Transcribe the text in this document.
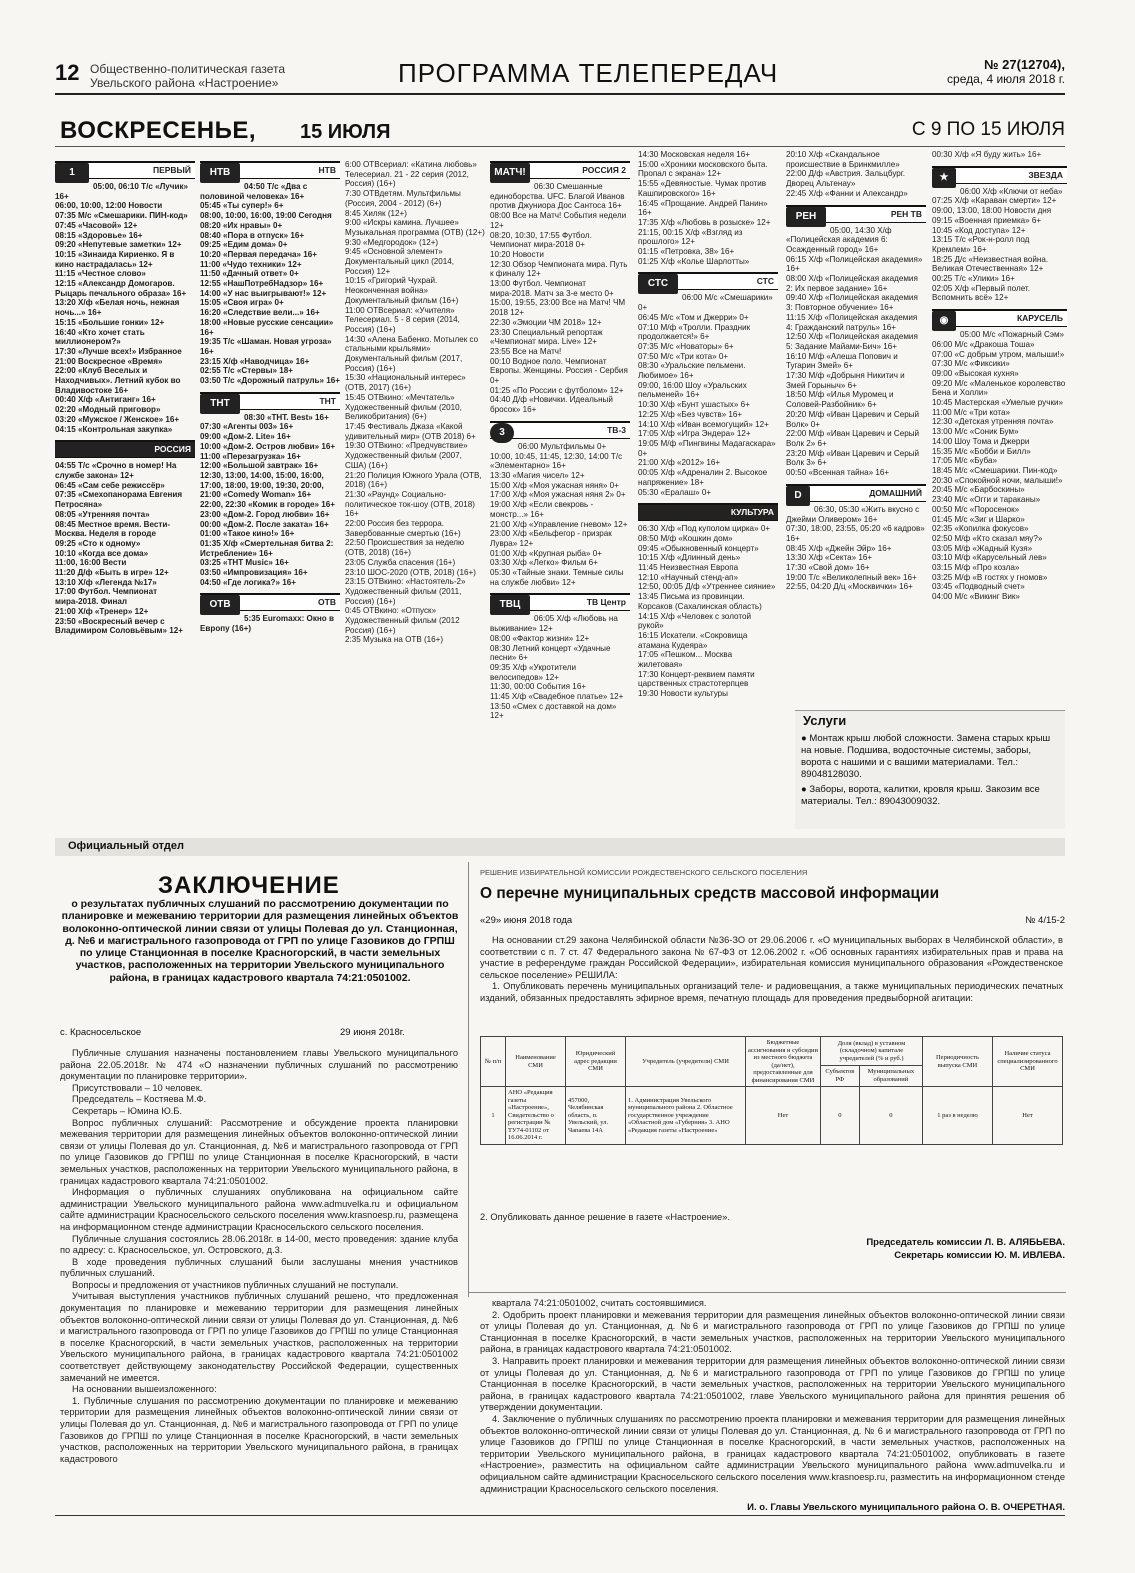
12 Общественно-политическая газета
Увельского района «Настроение»	ПРОГРАММА ТЕЛЕПЕРЕДАЧ	№ 27(12704),
среда, 4 июля 2018 г.
ВОСКРЕСЕНЬЕ, 15 ИЮЛЯ	С 9 ПО 15 ИЮЛЯ
1	ПЕРВЫЙ
05:00, 06:10 Т/с «Лучик» 16+
06:00, 10:00, 12:00 Новости
07:35 М/с «Смешарики. ПИН-код»
07:45 «Часовой» 12+
08:15 «Здоровье» 16+
09:20 «Непутевые заметки» 12+
10:15 «Зинаида Кириенко. Я в кино настрадалась» 12+
11:15 «Честное слово»
12:15 «Александр Домогаров. Рыцарь печального образа» 16+
13:20 Х/ф «Белая ночь, нежная ночь...» 16+
15:15 «Большие гонки» 12+
16:40 «Кто хочет стать миллионером?»
17:30 «Лучше всех!» Избранное
21:00 Воскресное «Время»
22:00 «Клуб Веселых и Находчивых». Летний кубок во Владивостоке 16+
00:40 Х/ф «Антиганг» 16+
02:20 «Модный приговор»
03:20 «Мужское / Женское» 16+
04:15 «Контрольная закупка»
РОССИЯ
04:55 Т/с «Срочно в номер! На службе закона» 12+
06:45 «Сам себе режиссёр»
07:35 «Смехопанорама Евгения Петросяна»
08:05 «Утренняя почта»
08:45 Местное время. Вести-Москва. Неделя в городе
09:25 «Сто к одному»
10:10 «Когда все дома»
11:00, 16:00 Вести
11:20 Д/ф «Быть в игре» 12+
13:10 Х/ф «Легенда №17»
17:00 Футбол. Чемпионат мира-2018. Финал
21:00 Х/ф «Тренер» 12+
23:50 «Воскресный вечер с Владимиром Соловьёвым» 12+
НТВ	НТВ
04:50 Т/с «Два с половиной человека» 16+
05:45 «Ты супер!» 6+
08:00, 10:00, 16:00, 19:00 Сегодня
08:20 «Их нравы» 0+
08:40 «Пора в отпуск» 16+
09:25 «Едим дома» 0+
10:20 «Первая передача» 16+
11:00 «Чудо техники» 12+
11:50 «Дачный ответ» 0+
12:55 «НашПотребНадзор» 16+
14:00 «У нас выигрывают!» 12+
15:05 «Своя игра» 0+
16:20 «Следствие вели...» 16+
18:00 «Новые русские сенсации» 16+
19:35 Т/с «Шаман. Новая угроза» 16+
23:15 Х/ф «Наводчица» 16+
02:55 Т/с «Стервы» 18+
03:50 Т/с «Дорожный патруль» 16+
ТНТ	ТНТ
08:30 «ТНТ. Best» 16+
07:30 «Агенты 003» 16+
09:00 «Дом-2. Lite» 16+
10:00 «Дом-2. Остров любви» 16+
11:00 «Перезагрузка» 16+
12:00 «Большой завтрак» 16+
12:30, 13:00, 14:00, 15:00, 16:00, 17:00, 18:00, 19:00, 19:30, 20:00, 21:00 «Comedy Woman» 16+
22:00, 22:30 «Комик в городе» 16+
23:00 «Дом-2. Город любви» 16+
00:00 «Дом-2. После заката» 16+
01:00 «Такое кино!» 16+
01:35 Х/ф «Смертельная битва 2: Истребление» 16+
03:25 «ТНТ Music» 16+
03:50 «Импровизация» 16+
04:50 «Где логика?» 16+
ОТВ	ОТВ
5:35 Euromaxx: Окно в Европу (16+)
6:00 ОТВсериал: «Катина любовь» Телесериал. 21 - 22 серия (2012, Россия) (16+)
7:30 ОТВдетям. Мультфильмы (Россия, 2004 - 2012) (6+)
8:45 Хиляк (12+)
9:00 «Искры камина. Лучшее» Музыкальная программа (ОТВ) (12+)
9:30 «Медгородок» (12+)
9:45 «Основной элемент» Документальный цикл (2014, Россия) 12+
10:15 «Григорий Чухрай. Неоконченная война» Документальный фильм (16+)
11:00 ОТВсериал: «Учителя» Телесериал. 5 - 8 серия (2014, Россия) (16+)
14:30 «Алена Бабенко. Мотылек со стальными крыльями» Документальный фильм (2017, Россия) (16+)
15:30 «Национальный интерес» (ОТВ, 2017) (16+)
15:45 ОТВкино: «Мечтатель» Художественный фильм (2010, Великобритания) (6+)
17:45 Фестиваль Джаза «Какой удивительный мир» (ОТВ 2018) 6+
19:30 ОТВкино: «Предчувствие» Художественный фильм (2007, США) (16+)
21:20 Полиция Южного Урала (ОТВ, 2018) (16+)
21:30 «Раунд» Социально-политическое ток-шоу (ОТВ, 2018) 16+
22:00 Россия без террора. Завербованные смертью (16+)
22:50 Происшествия за неделю (ОТВ, 2018) (16+)
23:05 Служба спасения (16+)
23:10 ШОС-2020 (ОТВ, 2018) (16+)
23:15 ОТВкино: «Настоятель-2» Художественный фильм (2011, Россия) (16+)
0:45 ОТВкино: «Отпуск» Художественный фильм (2012 Россия) (16+)
2:35 Музыка на ОТВ (16+)
МАТЧ!	РОССИЯ 2
06:30 Смешанные единоборства. UFC. Благой Иванов против Джуниора Дос Сантоса 16+
08:00 Все на Матч! События недели 12+
08:20, 10:30, 17:55 Футбол. Чемпионат мира-2018 0+
10:20 Новости
12:30 Обзор Чемпионата мира. Путь к финалу 12+
13:00 Футбол. Чемпионат мира-2018. Матч за 3-е место 0+
15:00, 19:55, 23:00 Все на Матч! ЧМ 2018 12+
22:30 «Эмоции ЧМ 2018» 12+
23:30 Специальный репортаж «Чемпионат мира. Live» 12+
23:55 Все на Матч!
00:10 Водное поло. Чемпионат Европы. Женщины. Россия - Сербия 0+
01:25 «По России с футболом» 12+
04:40 Д/ф «Новички. Идеальный бросок» 16+
3	ТВ-3
06:00 Мультфильмы 0+
10:00, 10:45, 11:45, 12:30, 14:00 Т/с «Элементарно» 16+
13:30 «Магия чисел» 12+
15:00 Х/ф «Моя ужасная няня» 0+
17:00 Х/ф «Моя ужасная няня 2» 0+
19:00 Х/ф «Если свекровь - монстр...» 16+
21:00 Х/ф «Управление гневом» 12+
23:00 Х/ф «Бельфегор - призрак Лувра» 12+
01:00 Х/ф «Крупная рыба» 0+
03:30 Х/ф «Легко» Фильм 6+
05:30 «Тайные знаки. Темные силы на службе любви» 12+
ТВЦ	ТВ Центр
06:05 Х/ф «Любовь на выживание» 12+
08:00 «Фактор жизни» 12+
08:30 Летний концерт «Удачные песни» 6+
09:35 Х/ф «Укротители велосипедов» 12+
11:30, 00:00 События 16+
11:45 Х/ф «Свадебное платье» 12+
13:50 «Смех с доставкой на дом» 12+
14:30 Московская неделя 16+
15:00 «Хроники московского быта. Пропал с экрана» 12+
15:55 «Девяностые. Чумак против Кашпировского» 16+
16:45 «Прощание. Андрей Панин» 16+
17:35 Х/ф «Любовь в розыске» 12+
21:15, 00:15 Х/ф «Взгляд из прошлого» 12+
01:15 «Петровка, 38» 16+
01:25 Х/ф «Колье Шарлотты»
СТС	СТС
06:00 М/с «Смешарики» 0+
06:45 М/с «Том и Джерри» 0+
07:10 М/ф «Тролли. Праздник продолжается!» 6+
07:35 М/с «Новаторы» 6+
07:50 М/с «Три кота» 0+
08:30 «Уральские пельмени. Любимое» 16+
09:00, 16:00 Шоу «Уральских пельменей» 16+
10:30 Х/ф «Бунт ушастых» 6+
12:25 Х/ф «Без чувств» 16+
14:10 Х/ф «Иван всемогущий» 12+
17:05 Х/ф «Игра Эндера» 12+
19:05 М/ф «Пингвины Мадагаскара» 0+
21:00 Х/ф «2012» 16+
00:05 Х/ф «Адреналин 2. Высокое напряжение» 18+
05:30 «Ералаш» 0+
КУЛЬТУРА
06:30 Х/ф «Под куполом цирка» 0+
08:50 М/ф «Кошкин дом»
09:45 «Обыкновенный концерт»
10:15 Х/ф «Длинный день»
11:45 Неизвестная Европа
12:10 «Научный стенд-ап»
12:50, 00:05 Д/ф «Утреннее сияние»
13:45 Письма из провинции. Корсаков (Сахалинская область)
14:15 Х/ф «Человек с золотой рукой»
16:15 Искатели. «Сокровища атамана Кудеяра»
17:05 «Пешком... Москва жилетовая»
17:30 Концерт-реквием памяти царственных страстотерпцев
19:30 Новости культуры
20:10 Х/ф «Скандальное происшествие в Бринкмилле»
22:00 Д/ф «Австрия. Зальцбург. Дворец Альтенау»
22:45 Х/ф «Фанни и Александр»
РЕН	РЕН ТВ
05:00, 14:30 Х/ф «Полицейская академия 6: Осажденный город» 16+
06:15 Х/ф «Полицейская академия» 16+
08:00 Х/ф «Полицейская академия 2: Их первое задание» 16+
09:40 Х/ф «Полицейская академия 3: Повторное обучение» 16+
11:15 Х/ф «Полицейская академия 4: Гражданский патруль» 16+
12:50 Х/ф «Полицейская академия 5: Задание Майами-Бич» 16+
16:10 М/ф «Алеша Попович и Тугарин Змей» 6+
17:30 М/ф «Добрыня Никитич и Змей Горыныч» 6+
18:50 М/ф «Илья Муромец и Соловей-Разбойник» 6+
20:20 М/ф «Иван Царевич и Серый Волк» 0+
22:00 М/ф «Иван Царевич и Серый Волк 2» 6+
23:20 М/ф «Иван Царевич и Серый Волк 3» 6+
00:50 «Всенная тайна» 16+
D	ДОМАШНИЙ
06:30, 05:30 «Жить вкусно с Джейми Оливером» 16+
07:30, 18:00, 23:55, 05:20 «6 кадров» 16+
08:45 Х/ф «Джейн Эйр» 16+
13:30 Х/ф «Секта» 16+
17:30 «Свой дом» 16+
19:00 Т/с «Великолепный век» 16+
22:55, 04:20 Д/ц «Москвички» 16+
00:30 Х/ф «Я буду жить» 16+
★	ЗВЕЗДА
06:00 Х/ф «Ключи от неба»
07:25 Х/ф «Караван смерти» 12+
09:00, 13:00, 18:00 Новости дня
09:15 «Военная приемка» 6+
10:45 «Код доступа» 12+
13:15 Т/с «Рок-н-ролл под Кремлем» 16+
18:25 Д/с «Неизвестная война. Великая Отечественная» 12+
00:25 Т/с «Улики» 16+
02:05 Х/ф «Первый полет. Вспомнить всё» 12+
◉	КАРУСЕЛЬ
05:00 М/с «Пожарный Сэм»
06:00 М/с «Дракоша Тоша»
07:00 «С добрым утром, малыши!»
07:30 М/с «Фиксики»
09:00 «Высокая кухня»
09:20 М/с «Маленькое королевство Бена и Холли»
10:45 Мастерская «Умелые ручки»
11:00 М/с «Три кота»
12:30 «Детская утренняя почта»
13:00 М/с «Соник Бум»
14:00 Шоу Тома и Джерри
15:35 М/с «Бобби и Билл»
17:05 М/с «Буба»
18:45 М/с «Смешарики. Пин-код»
20:30 «Спокойной ночи, малыши!»
20:45 М/с «Барбоскины»
23:40 М/с «Огги и тараканы»
00:50 М/с «Поросенок»
01:45 М/с «Зиг и Шарко»
02:35 «Копилка фокусов»
02:50 М/ф «Кто сказал мяу?»
03:05 М/ф «Жадный Кузя»
03:10 М/ф «Карусельный лев»
03:15 М/ф «Про козла»
03:25 М/ф «В гостях у гномов»
03:45 «Подводный счет»
04:00 М/с «Викинг Вик»
Услуги
● Монтаж крыш любой сложности. Замена старых крыш на новые. Подшива, водосточные системы, заборы, ворота с нашими и с вашими материалами. Тел.: 89048128030.
● Заборы, ворота, калитки, кровля крыш. Закозим все материалы. Тел.: 89043009032.
Официальный отдел
ЗАКЛЮЧЕНИЕ
о результатах публичных слушаний по рассмотрению документации по планировке и межеванию территории для размещения линейных объектов волоконно-оптической линии связи от улицы Полевая до ул. Станционная, д. №6 и магистрального газопровода от ГРП по улице Газовиков до ГРПШ по улице Станционная в поселке Красногорский, в части земельных участков, расположенных на территории Увельского муниципального района, в границах кадастрового квартала 74:21:0501002.
с. Красносельское	29 июня 2018г.

Публичные слушания назначены постановлением главы Увельского муниципального района 22.05.2018г. № 474 «О назначении публичных слушаний по рассмотрению документации по планировке территории».

Присутствовали – 10 человек.

Председатель – Костяева М.Ф.

Секретарь – Юмина Ю.Б.

Вопрос публичных слушаний: Рассмотрение и обсуждение проекта планировки межевания территории для размещения линейных объектов волоконно-оптической линии связи от улицы Полевая до ул. Станционная, д. №6 и магистрального газопровода от ГРП по улице Газовиков до ГРПШ по улице Станционная в поселке Красногорский, в части земельных участков, расположенных на территории Увельского муниципального района, в границах кадастрового квартала 74:21:0501002.

Информация о публичных слушаниях опубликована на официальном сайте администрации Увельского муниципального района www.admuvelka.ru и официальном сайте администрации Красносельского сельского поселения www.krasnoesp.ru, размещена на информационном стенде администрации Красносельского сельского поселения.

Публичные слушания состоялись 28.06.2018г. в 14-00, место проведения: здание клуба по адресу: с. Красносельское, ул. Островского, д.3.

В ходе проведения публичных слушаний были заслушаны мнения участников публичных слушаний.

Вопросы и предложения от участников публичных слушаний не поступали.

Учитывая выступления участников публичных слушаний решено, что предложенная документация по планировке и межеванию территории для размещения линейных объектов волоконно-оптической линии связи от улицы Полевая до ул. Станционная, д. №6 и магистрального газопровода от ГРП по улице Газовиков до ГРПШ по улице Станционная в поселке Красногорский, в части земельных участков, расположенных на территории Увельского муниципального района, в границах кадастрового квартала 74:21:0501002 соответствует действующему законодательству Российской Федерации, существенных замечаний не имеется.

На основании вышеизложенного:

1. Публичные слушания по рассмотрению документации по планировке и межеванию территории для размещения линейных объектов волоконно-оптической линии связи от улицы Полевая до ул. Станционная, д. №6 и магистрального газопровода от ГРП по улице Газовиков до ГРПШ по улице Станционная в поселке Красногорский, в части земельных участков, расположенных на территории Увельского муниципального района, в границах кадастрового

РЕШЕНИЕ ИЗБИРАТЕЛЬНОЙ КОМИССИИ РОЖДЕСТВЕНСКОГО СЕЛЬСКОГО ПОСЕЛЕНИЯ
О перечне муниципальных средств массовой информации
«29» июня 2018 года	№ 4/15-2

На основании ст.29 закона Челябинской области №36-ЗО от 29.06.2006 г. «О муниципальных выборах в Челябинской области», в соответствии с п. 7 ст. 47 Федерального закона № 67-ФЗ от 12.06.2002 г. «Об основных гарантиях избирательных прав и права на участие в референдуме граждан Российской Федерации», избирательная комиссия муниципального образования «Рождественское сельское поселение» РЕШИЛА:

1. Опубликовать перечень муниципальных организаций теле- и радиовещания, а также муниципальных периодических печатных изданий, обязанных предоставлять эфирное время, печатную площадь для проведения предвыборной агитации:

№ п/п	Наименование СМИ	Юридический адрес редакции СМИ	Учредитель (учредители) СМИ	Бюджетные ассигнования и субсидии из местного бюджета (да/нет), предоставленные для финансирования СМИ	Доля (вклад) в уставном (складочном) капитале учредителей (% и руб.)		Периодичность выпуска СМИ	Наличие статуса специализированного СМИ
					Субъектов РФ	Муниципальных образований		
1	АНО «Редакция газеты «Настроение», Свидетельство о регистрации № ТУ74-01102 от 16.06.2014 г.	457000, Челябинская область, п. Увельский, ул. Чапаева 14А	1. Администрация Увельского муниципального района 2. Областное государственное учреждение «Областной дом «Губерния» 3. АНО «Редакция газеты «Настроение»	Нет	0	0	1 раз в неделю	Нет
2. Опубликовать данное решение в газете «Настроение».
Председатель комиссии Л. В. АЛЯБЬЕВА.
Секретарь комиссии Ю. М. ИВЛЕВА.

квартала 74:21:0501002, считать состоявшимися.

2. Одобрить проект планировки и межевания территории для размещения линейных объектов волоконно-оптической линии связи от улицы Полевая до ул. Станционная, д. №6 и магистрального газопровода от ГРП по улице Газовиков до ГРПШ по улице Станционная в поселке Красногорский, в части земельных участков, расположенных на территории Увельского муниципального района, в границах кадастрового квартала 74:21:0501002.

3. Направить проект планировки и межевания территории для размещения линейных объектов волоконно-оптической линии связи от улицы Полевая до ул. Станционная, д. №6 и магистрального газопровода от ГРП по улице Газовиков до ГРПШ по улице Станционная в поселке Красногорский, в части земельных участков, расположенных на территории Увельского муниципального района, в границах кадастрового квартала 74:21:0501002, главе Увельского муниципального района для принятия решения об утверждении документации.

4. Заключение о публичных слушаниях по рассмотрению проекта планировки и межевания территории для размещения линейных объектов волоконно-оптической линии связи от улицы Полевая до ул. Станционная, д. № 6 и магистрального газопровода от ГРП по улице Газовиков до ГРПШ по улице Станционная в поселке Красногорский, в части земельных участков, расположенных на территории Увельского муниципального района, в границах кадастрового квартала 74:21:0501002, опубликовать в газете «Настроение», разместить на официальном сайте администрации Увельского муниципального района www.admuvelka.ru и официальном сайте администрации Красносельского сельского поселения www.krasnoesp.ru, разместить на информационном стенде администрации Красносельского сельского поселения.

И. о. Главы Увельского муниципального района О. В. ОЧЕРЕТНАЯ.
